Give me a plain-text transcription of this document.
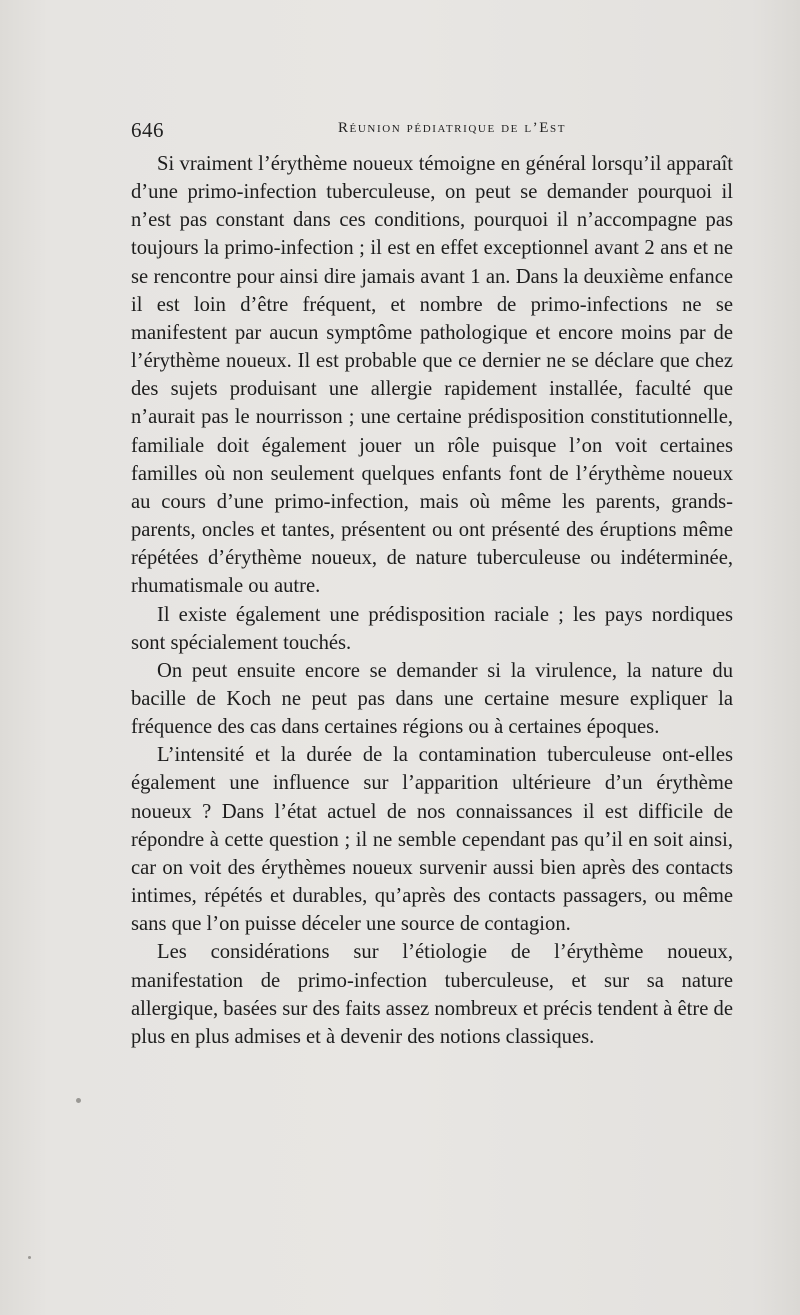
646	Réunion pédiatrique de l’Est

Si vraiment l’érythème noueux témoigne en général lorsqu’il apparaît d’une primo-infection tuberculeuse, on peut se demander pourquoi il n’est pas constant dans ces conditions, pourquoi il n’accompagne pas toujours la primo-infection ; il est en effet exceptionnel avant 2 ans et ne se rencontre pour ainsi dire jamais avant 1 an. Dans la deuxième enfance il est loin d’être fréquent, et nombre de primo-infections ne se manifestent par aucun symptôme pathologique et encore moins par de l’érythème noueux. Il est probable que ce dernier ne se déclare que chez des sujets produisant une allergie rapidement installée, faculté que n’aurait pas le nourrisson ; une certaine prédisposition constitutionnelle, familiale doit également jouer un rôle puisque l’on voit certaines familles où non seulement quelques enfants font de l’érythème noueux au cours d’une primo-infection, mais où même les parents, grands-parents, oncles et tantes, présentent ou ont présenté des éruptions même répétées d’érythème noueux, de nature tuberculeuse ou indéterminée, rhumatismale ou autre.

Il existe également une prédisposition raciale ; les pays nordiques sont spécialement touchés.

On peut ensuite encore se demander si la virulence, la nature du bacille de Koch ne peut pas dans une certaine mesure expliquer la fréquence des cas dans certaines régions ou à certaines époques.

L’intensité et la durée de la contamination tuberculeuse ont-elles également une influence sur l’apparition ultérieure d’un érythème noueux ? Dans l’état actuel de nos connaissances il est difficile de répondre à cette question ; il ne semble cependant pas qu’il en soit ainsi, car on voit des érythèmes noueux survenir aussi bien après des contacts intimes, répétés et durables, qu’après des contacts passagers, ou même sans que l’on puisse déceler une source de contagion.

Les considérations sur l’étiologie de l’érythème noueux, manifestation de primo-infection tuberculeuse, et sur sa nature allergique, basées sur des faits assez nombreux et précis tendent à être de plus en plus admises et à devenir des notions classiques.
